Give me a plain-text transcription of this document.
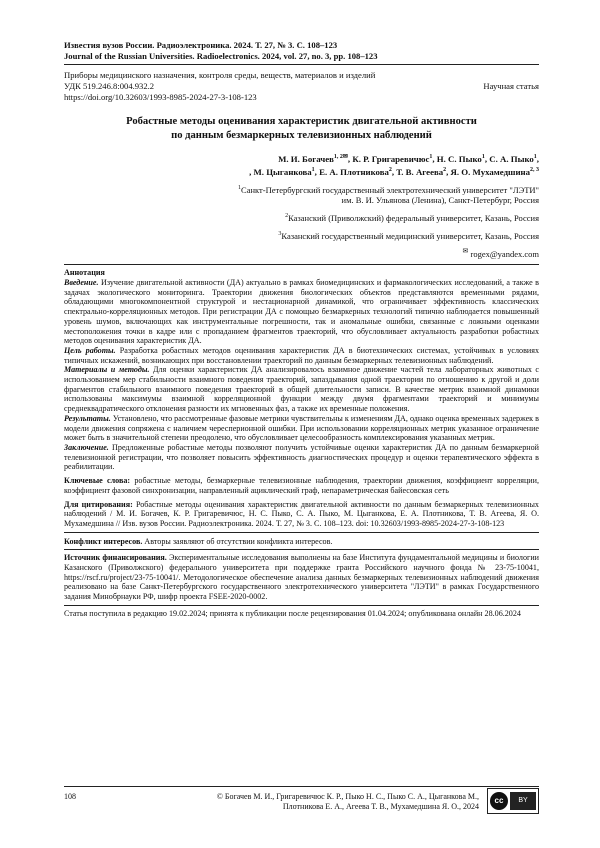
Известия вузов России. Радиоэлектроника. 2024. Т. 27, № 3. С. 108–123
Journal of the Russian Universities. Radioelectronics. 2024, vol. 27, no. 3, pp. 108–123
Приборы медицинского назначения, контроля среды, веществ, материалов и изделий
УДК 519.246.8:004.932.2	Научная статья
https://doi.org/10.32603/1993-8985-2024-27-3-108-123
Робастные методы оценивания характеристик двигательной активности
по данным безмаркерных телевизионных наблюдений
М. И. Богачев$^{1, 2✉}$, К. Р. Григаревичюс$^1$, Н. С. Пыко$^1$, С. А. Пыко$^1$,
, М. Цыганкова$^1$, Е. А. Плотникова$^2$, Т. В. Агеева$^2$, Я. О. Мухамедшина$^{2, 3}$
$^1$Санкт-Петербургский государственный электротехнический университет "ЛЭТИ"
им. В. И. Ульянова (Ленина), Санкт-Петербург, Россия
$^2$Казанский (Приволжский) федеральный университет, Казань, Россия
$^3$Казанский государственный медицинский университет, Казань, Россия
✉ rogex@yandex.com
Аннотация
Введение. Изучение двигательной активности (ДА) актуально в рамках биомедицинских и фармакологических исследований, а также в задачах экологического мониторинга. Траектории движения биологических объектов представляются временными рядами, обладающими многокомпонентной структурой и нестационарной динамикой, что ограничивает эффективность классических спектрально-корреляционных методов. При регистрации ДА с помощью безмаркерных технологий типично наблюдается повышенный уровень шумов, включающих как инструментальные погрешности, так и аномальные ошибки, связанные с ложными оценками местоположения точки в кадре или с пропаданием фрагментов траекторий, что обусловливает актуальность разработки робастных методов оценивания характеристик ДА.
Цель работы. Разработка робастных методов оценивания характеристик ДА в биотехнических системах, устойчивых в условиях типичных искажений, возникающих при восстановлении траекторий по данным безмаркерных телевизионных наблюдений.
Материалы и методы. Для оценки характеристик ДА анализировалось взаимное движение частей тела лабораторных животных с использованием мер стабильности взаимного поведения траекторий, запаздывания одной траектории по отношению к другой и доли фрагментов стабильного взаимного поведения траекторий в общей длительности записи. В качестве метрик взаимной динамики использованы максимумы взаимной корреляционной функции между двумя фрагментами траекторий и минимумы среднеквадратического отклонения разности их мгновенных фаз, а также их временные положения.
Результаты. Установлено, что рассмотренные фазовые метрики чувствительны к изменениям ДА, однако оценка временных задержек в модели движения сопряжена с наличием чересперионной ошибки. При использовании корреляционных метрик указанное ограничение может быть в значительной степени преодолено, что обусловливает целесообразность комплексирования указанных метрик.
Заключение. Предложенные робастные методы позволяют получить устойчивые оценки характеристик ДА по данным безмаркерной телевизионной регистрации, что позволяет повысить эффективность диагностических процедур и оценки терапевтического эффекта в реабилитации.
Ключевые слова: робастные методы, безмаркерные телевизионные наблюдения, траектории движения, коэффициент корреляции, коэффициент фазовой синхронизации, направленный ациклический граф, непараметрическая байесовская сеть
Для цитирования: Робастные методы оценивания характеристик двигательной активности по данным безмаркерных телевизионных наблюдений / М. И. Богачев, К. Р. Григаревичюс, Н. С. Пыко, С. А. Пыко, М. Цыганкова, Е. А. Плотникова, Т. В. Агеева, Я. О. Мухамедшина // Изв. вузов России. Радиоэлектроника. 2024. Т. 27, № 3. С. 108–123. doi: 10.32603/1993-8985-2024-27-3-108-123
Конфликт интересов. Авторы заявляют об отсутствии конфликта интересов.
Источник финансирования. Экспериментальные исследования выполнены на базе Института фундаментальной медицины и биологии Казанского (Приволжского) федерального университета при поддержке гранта Российского научного фонда № 23-75-10041, https://rscf.ru/project/23-75-10041/. Методологическое обеспечение анализа данных безмаркерных телевизионных наблюдений движения реализовано на базе Санкт-Петербургского государственного электротехнического университета "ЛЭТИ" в рамках Государственного задания Минобрнауки РФ, шифр проекта FSEE-2020-0002.
Статья поступила в редакцию 19.02.2024; принята к публикации после рецензирования 01.04.2024; опубликована онлайн 28.06.2024
108	© Богачев М. И., Григаревичюс К. Р., Пыко Н. С., Пыко С. А., Цыганкова М.,
Плотникова Е. А., Агеева Т. В., Мухамедшина Я. О., 2024
cc	BY
